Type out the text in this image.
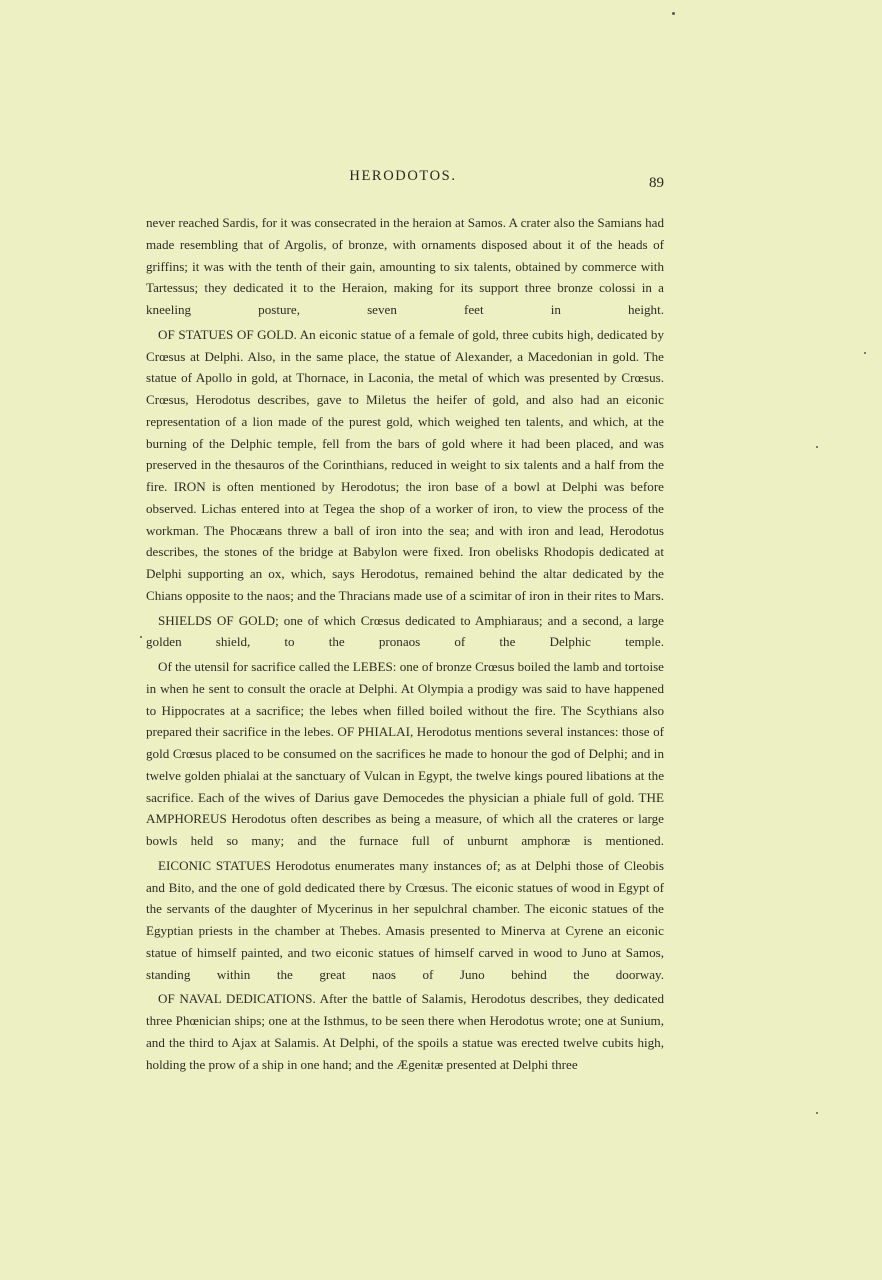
HERODOTOS.	89

never reached Sardis, for it was consecrated in the heraion at Samos. A crater also the Samians had made resembling that of Argolis, of bronze, with ornaments disposed about it of the heads of griffins; it was with the tenth of their gain, amounting to six talents, obtained by commerce with Tartessus; they dedicated it to the Heraion, making for its support three bronze colossi in a kneeling posture, seven feet in height.

OF STATUES OF GOLD. An eiconic statue of a female of gold, three cubits high, dedicated by Crœsus at Delphi. Also, in the same place, the statue of Alexander, a Macedonian in gold. The statue of Apollo in gold, at Thornace, in Laconia, the metal of which was presented by Crœsus. Crœsus, Herodotus describes, gave to Miletus the heifer of gold, and also had an eiconic representation of a lion made of the purest gold, which weighed ten talents, and which, at the burning of the Delphic temple, fell from the bars of gold where it had been placed, and was preserved in the thesauros of the Corinthians, reduced in weight to six talents and a half from the fire. IRON is often mentioned by Herodotus; the iron base of a bowl at Delphi was before observed. Lichas entered into at Tegea the shop of a worker of iron, to view the process of the workman. The Phocæans threw a ball of iron into the sea; and with iron and lead, Herodotus describes, the stones of the bridge at Babylon were fixed. Iron obelisks Rhodopis dedicated at Delphi supporting an ox, which, says Herodotus, remained behind the altar dedicated by the Chians opposite to the naos; and the Thracians made use of a scimitar of iron in their rites to Mars.

SHIELDS OF GOLD; one of which Crœsus dedicated to Amphiaraus; and a second, a large golden shield, to the pronaos of the Delphic temple.

Of the utensil for sacrifice called the LEBES: one of bronze Crœsus boiled the lamb and tortoise in when he sent to consult the oracle at Delphi. At Olympia a prodigy was said to have happened to Hippocrates at a sacrifice; the lebes when filled boiled without the fire. The Scythians also prepared their sacrifice in the lebes. OF PHIALAI, Herodotus mentions several instances: those of gold Crœsus placed to be consumed on the sacrifices he made to honour the god of Delphi; and in twelve golden phialai at the sanctuary of Vulcan in Egypt, the twelve kings poured libations at the sacrifice. Each of the wives of Darius gave Democedes the physician a phiale full of gold. THE AMPHOREUS Herodotus often describes as being a measure, of which all the crateres or large bowls held so many; and the furnace full of unburnt amphoræ is mentioned.

EICONIC STATUES Herodotus enumerates many instances of; as at Delphi those of Cleobis and Bito, and the one of gold dedicated there by Crœsus. The eiconic statues of wood in Egypt of the servants of the daughter of Mycerinus in her sepulchral chamber. The eiconic statues of the Egyptian priests in the chamber at Thebes. Amasis presented to Minerva at Cyrene an eiconic statue of himself painted, and two eiconic statues of himself carved in wood to Juno at Samos, standing within the great naos of Juno behind the doorway.

OF NAVAL DEDICATIONS. After the battle of Salamis, Herodotus describes, they dedicated three Phœnician ships; one at the Isthmus, to be seen there when Herodotus wrote; one at Sunium, and the third to Ajax at Salamis. At Delphi, of the spoils a statue was erected twelve cubits high, holding the prow of a ship in one hand; and the Ægenitæ presented at Delphi three
